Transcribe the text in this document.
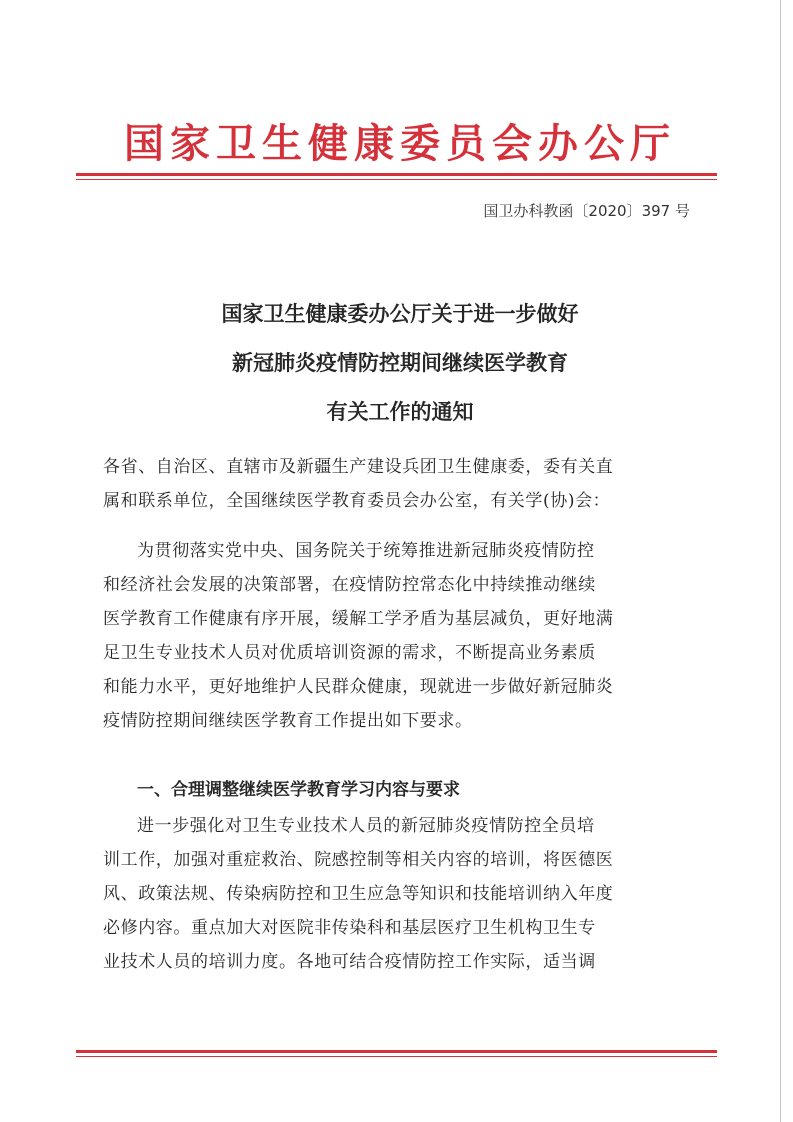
国家卫生健康委员会办公厅
国卫办科教函〔2020〕397 号
国家卫生健康委办公厅关于进一步做好
新冠肺炎疫情防控期间继续医学教育
有关工作的通知
各省、自治区、直辖市及新疆生产建设兵团卫生健康委，委有关直
属和联系单位，全国继续医学教育委员会办公室，有关学(协)会：
为贯彻落实党中央、国务院关于统筹推进新冠肺炎疫情防控
和经济社会发展的决策部署，在疫情防控常态化中持续推动继续
医学教育工作健康有序开展，缓解工学矛盾为基层减负，更好地满
足卫生专业技术人员对优质培训资源的需求，不断提高业务素质
和能力水平，更好地维护人民群众健康，现就进一步做好新冠肺炎
疫情防控期间继续医学教育工作提出如下要求。
一、合理调整继续医学教育学习内容与要求
进一步强化对卫生专业技术人员的新冠肺炎疫情防控全员培
训工作，加强对重症救治、院感控制等相关内容的培训，将医德医
风、政策法规、传染病防控和卫生应急等知识和技能培训纳入年度
必修内容。重点加大对医院非传染科和基层医疗卫生机构卫生专
业技术人员的培训力度。各地可结合疫情防控工作实际，适当调
